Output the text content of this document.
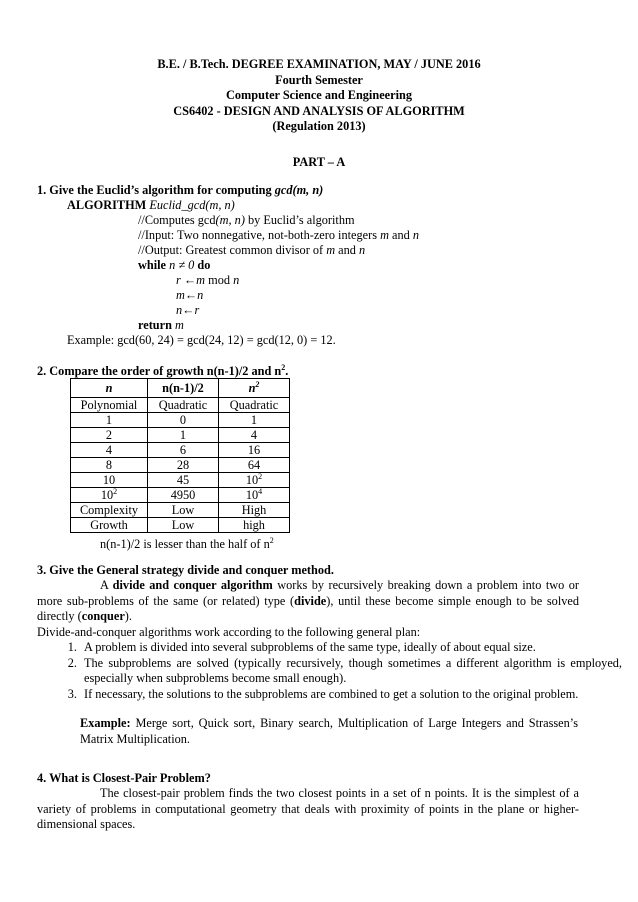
B.E. / B.Tech. DEGREE EXAMINATION, MAY / JUNE 2016
Fourth Semester
Computer Science and Engineering
CS6402 - DESIGN AND ANALYSIS OF ALGORITHM
(Regulation 2013)
PART – A
1. Give the Euclid’s algorithm for computing gcd(m, n)
ALGORITHM Euclid_gcd(m, n)
//Computes gcd(m, n) by Euclid’s algorithm
//Input: Two nonnegative, not-both-zero integers m and n
//Output: Greatest common divisor of m and n
while n ≠ 0 do
r ←m mod n
m←n
n←r
return m
Example: gcd(60, 24) = gcd(24, 12) = gcd(12, 0) = 12.
2. Compare the order of growth n(n-1)/2 and $n^2$.
n	n(n-1)/2	$n^2$
Polynomial	Quadratic	Quadratic
1	0	1
2	1	4
4	6	16
8	28	64
10	45	$10^2$
$10^2$	4950	$10^4$
Complexity	Low	High
Growth	Low	high
n(n-1)/2 is lesser than the half of $n^2$
3. Give the General strategy divide and conquer method.
A divide and conquer algorithm works by recursively breaking down a problem into two or more sub-problems of the same (or related) type (divide), until these become simple enough to be solved directly (conquer).
Divide-and-conquer algorithms work according to the following general plan:
1. A problem is divided into several subproblems of the same type, ideally of about equal size.
2. The subproblems are solved (typically recursively, though sometimes a different algorithm is employed, especially when subproblems become small enough).
3. If necessary, the solutions to the subproblems are combined to get a solution to the original problem.
Example: Merge sort, Quick sort, Binary search, Multiplication of Large Integers and Strassen’s Matrix Multiplication.
4. What is Closest-Pair Problem?
The closest-pair problem finds the two closest points in a set of n points. It is the simplest of a variety of problems in computational geometry that deals with proximity of points in the plane or higher-dimensional spaces.
